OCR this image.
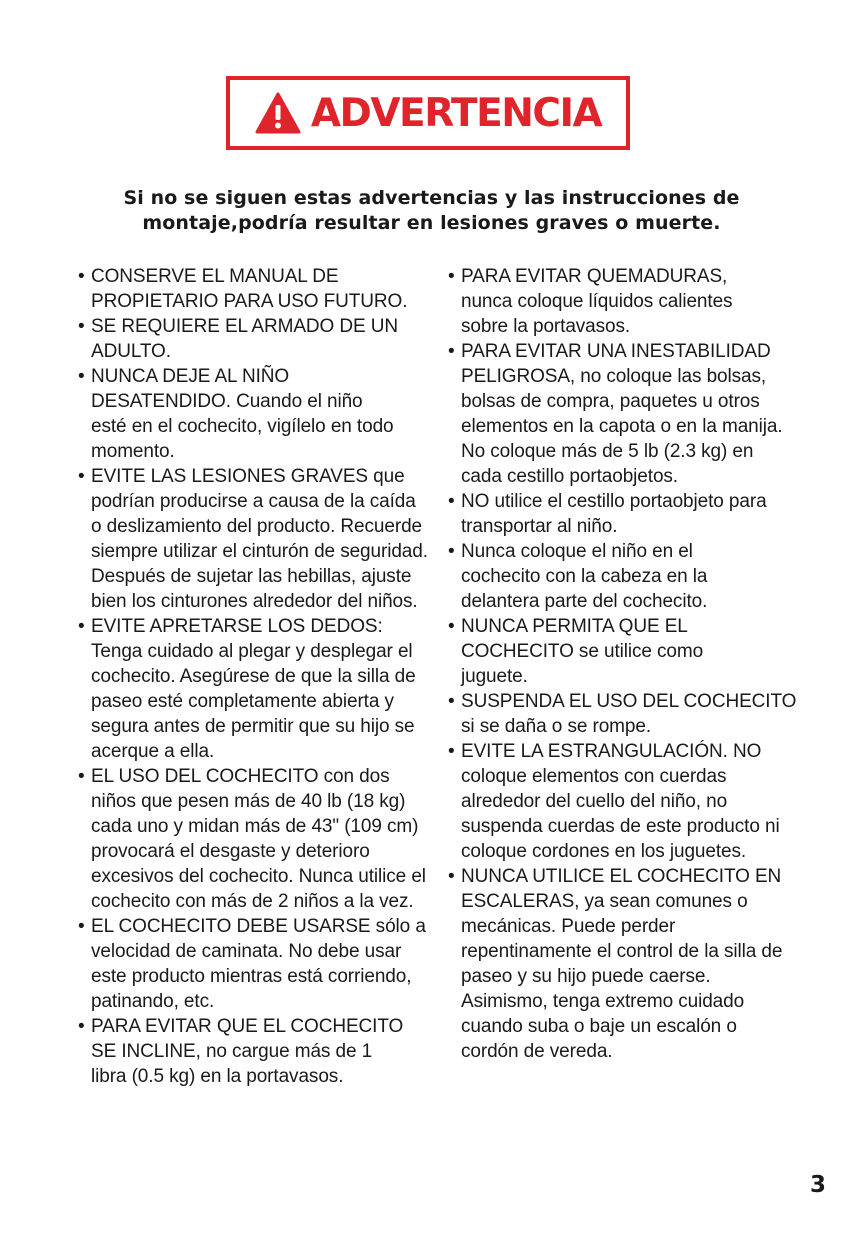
ADVERTENCIA
Si no se siguen estas advertencias y las instrucciones de montaje,podría resultar en lesiones graves o muerte.
• CONSERVE EL MANUAL DE PROPIETARIO PARA USO FUTURO.
• SE REQUIERE EL ARMADO DE UN ADULTO.
• NUNCA DEJE AL NIÑO DESATENDIDO. Cuando el niño esté en el cochecito, vigílelo en todo momento.
• EVITE LAS LESIONES GRAVES que podrían producirse a causa de la caída o deslizamiento del producto. Recuerde siempre utilizar el cinturón de seguridad. Después de sujetar las hebillas, ajuste bien los cinturones alrededor del niños.
• EVITE APRETARSE LOS DEDOS: Tenga cuidado al plegar y desplegar el cochecito. Asegúrese de que la silla de paseo esté completamente abierta y segura antes de permitir que su hijo se acerque a ella.
• EL USO DEL COCHECITO con dos niños que pesen más de 40 lb (18 kg) cada uno y midan más de 43" (109 cm) provocará el desgaste y deterioro excesivos del cochecito. Nunca utilice el cochecito con más de 2 niños a la vez.
• EL COCHECITO DEBE USARSE sólo a velocidad de caminata. No debe usar este producto mientras está corriendo, patinando, etc.
• PARA EVITAR QUE EL COCHECITO SE INCLINE, no cargue más de 1 libra (0.5 kg) en la portavasos.
• PARA EVITAR QUEMADURAS, nunca coloque líquidos calientes sobre la portavasos.
• PARA EVITAR UNA INESTABILIDAD PELIGROSA, no coloque las bolsas, bolsas de compra, paquetes u otros elementos en la capota o en la manija. No coloque más de 5 lb (2.3 kg) en cada cestillo portaobjetos.
• NO utilice el cestillo portaobjeto para transportar al niño.
• Nunca coloque el niño en el cochecito con la cabeza en la delantera parte del cochecito.
• NUNCA PERMITA QUE EL COCHECITO se utilice como juguete.
• SUSPENDA EL USO DEL COCHECITO si se daña o se rompe.
• EVITE LA ESTRANGULACIÓN. NO coloque elementos con cuerdas alrededor del cuello del niño, no suspenda cuerdas de este producto ni coloque cordones en los juguetes.
• NUNCA UTILICE EL COCHECITO EN ESCALERAS, ya sean comunes o mecánicas. Puede perder repentinamente el control de la silla de paseo y su hijo puede caerse. Asimismo, tenga extremo cuidado cuando suba o baje un escalón o cordón de vereda.
3
